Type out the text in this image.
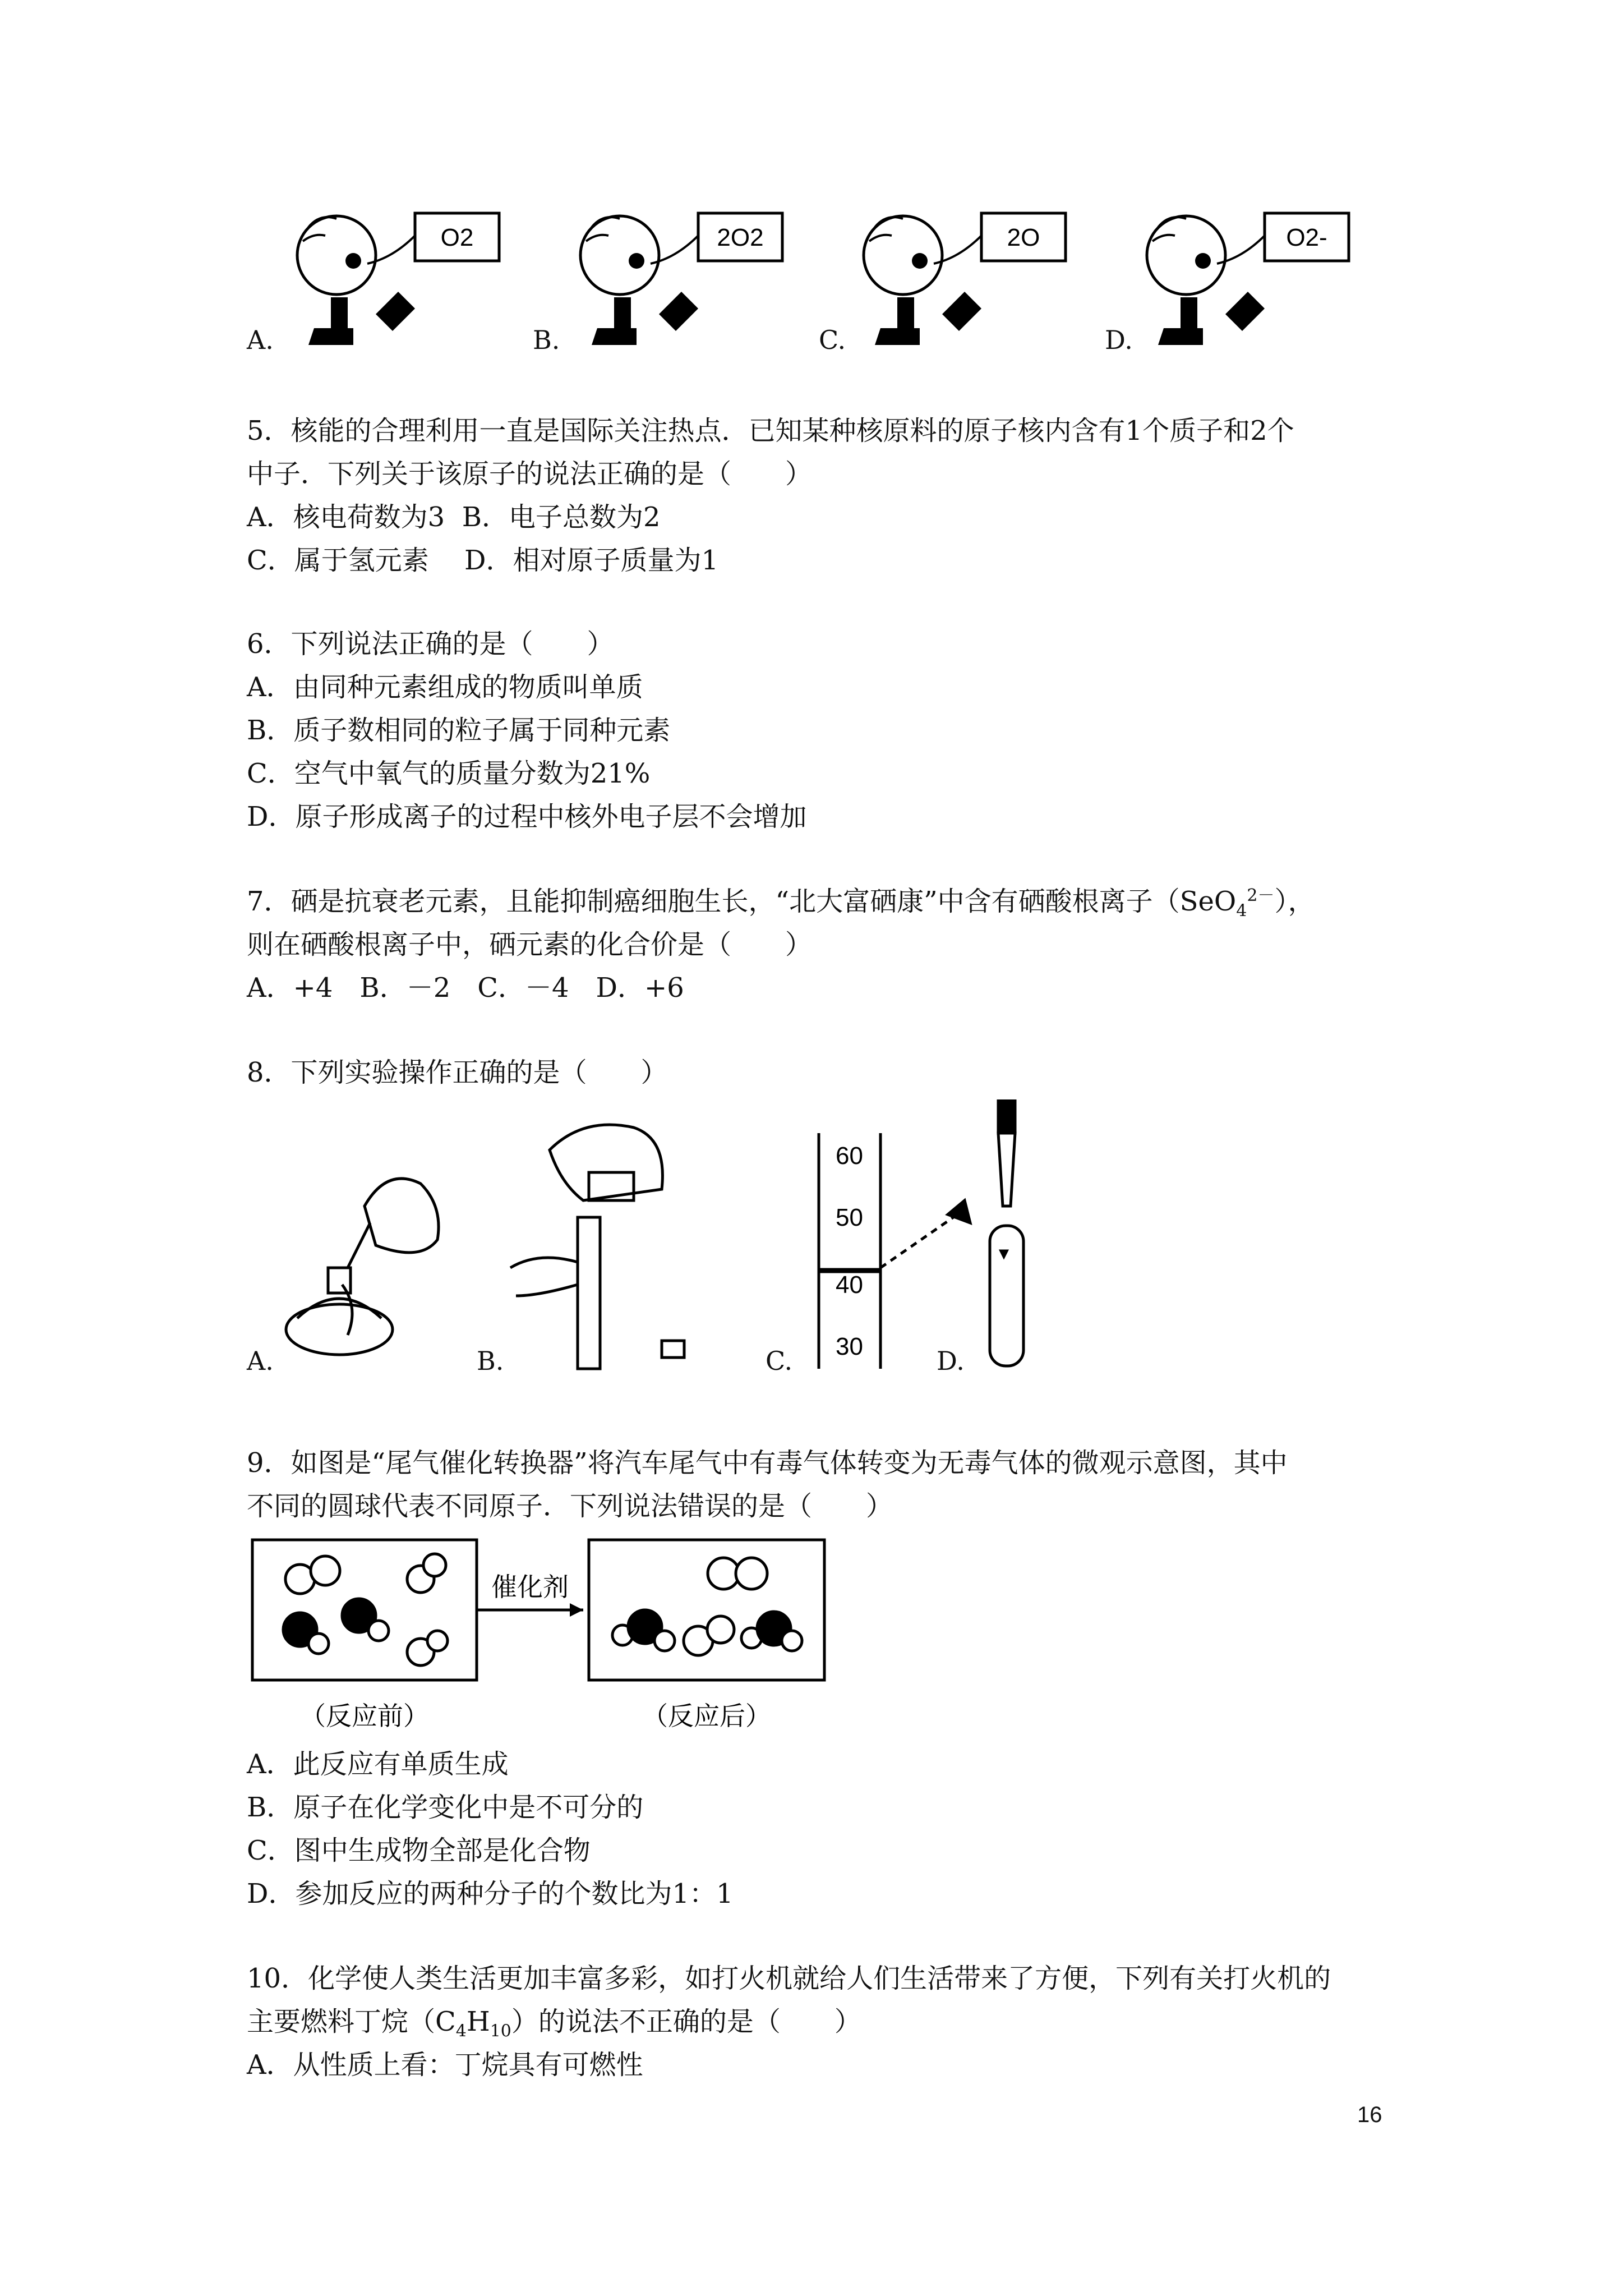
O2	2O2	2O	O2-
A.	B.	C.	D.
5．核能的合理利用一直是国际关注热点．已知某种核原料的原子核内含有1个质子和2个
中子．下列关于该原子的说法正确的是（　　）
A．核电荷数为3  B．电子总数为2
C．属于氢元素　 D．相对原子质量为1
6．下列说法正确的是（　　）
A．由同种元素组成的物质叫单质
B．质子数相同的粒子属于同种元素
C．空气中氧气的质量分数为21%
D．原子形成离子的过程中核外电子层不会增加
7．硒是抗衰老元素，且能抑制癌细胞生长，“北大富硒康”中含有硒酸根离子（SeO$_4^{2-}$），
则在硒酸根离子中，硒元素的化合价是（　　）
A．+4　B．－2　C．－4　D．+6
8．下列实验操作正确的是（　　）
60
50
40
30
A.	B.	C.	D.
9．如图是“尾气催化转换器”将汽车尾气中有毒气体转变为无毒气体的微观示意图，其中
不同的圆球代表不同原子．下列说法错误的是（　　）
催化剂
（反应前）	（反应后）
A．此反应有单质生成
B．原子在化学变化中是不可分的
C．图中生成物全部是化合物
D．参加反应的两种分子的个数比为1：1
10．化学使人类生活更加丰富多彩，如打火机就给人们生活带来了方便，下列有关打火机的
主要燃料丁烷$(C_4H_{10})$的说法不正确的是（　　）
A．从性质上看：丁烷具有可燃性
16
